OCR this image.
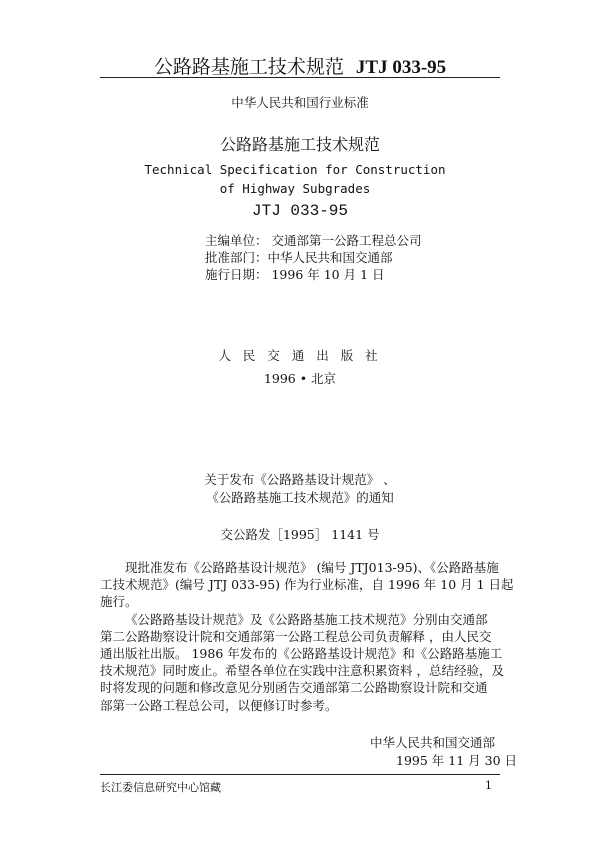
公路路基施工技术规范 JTJ 033-95
中华人民共和国行业标准
公路路基施工技术规范
Technical Specification for Construction
of Highway Subgrades
JTJ 033-95
主编单位： 交通部第一公路工程总公司
批准部门：中华人民共和国交通部
施行日期： 1996 年 10 月 1 日
人 民 交 通 出 版 社
1996 • 北京
关于发布《公路路基设计规范》 、
《公路路基施工技术规范》的通知
交公路发［1995］ 1141 号
现批准发布《公路路基设计规范》 (编号 JTJ013-95)、《公路路基施
工技术规范》(编号 JTJ 033-95) 作为行业标准，自 1996 年 10 月 1 日起
施行。
《公路路基设计规范》及《公路路基施工技术规范》分别由交通部
第二公路勘察设计院和交通部第一公路工程总公司负责解释 ，由人民交
通出版社出版。 1986 年发布的《公路路基设计规范》和《公路路基施工
技术规范》同时废止。希望各单位在实践中注意积累资料 ，总结经验，及
时将发现的问题和修改意见分别函告交通部第二公路勘察设计院和交通
部第一公路工程总公司，以便修订时参考。
中华人民共和国交通部
1995 年 11 月 30 日
长江委信息研究中心馆藏	1
